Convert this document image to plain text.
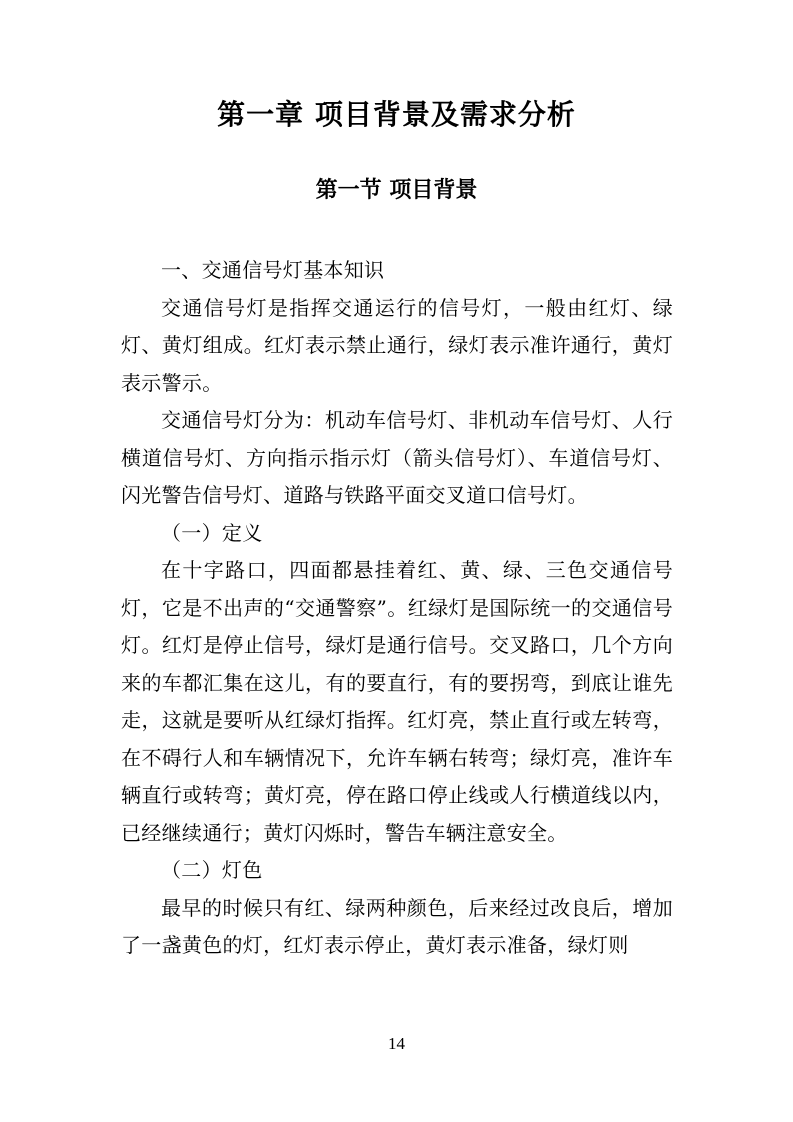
第一章 项目背景及需求分析
第一节 项目背景

一、交通信号灯基本知识

交通信号灯是指挥交通运行的信号灯，一般由红灯、绿灯、黄灯组成。红灯表示禁止通行，绿灯表示准许通行，黄灯表示警示。

交通信号灯分为：机动车信号灯、非机动车信号灯、人行横道信号灯、方向指示指示灯（箭头信号灯）、车道信号灯、闪光警告信号灯、道路与铁路平面交叉道口信号灯。

（一）定义

在十字路口，四面都悬挂着红、黄、绿、三色交通信号灯，它是不出声的“交通警察”。红绿灯是国际统一的交通信号灯。红灯是停止信号，绿灯是通行信号。交叉路口，几个方向来的车都汇集在这儿，有的要直行，有的要拐弯，到底让谁先走，这就是要听从红绿灯指挥。红灯亮，禁止直行或左转弯，在不碍行人和车辆情况下，允许车辆右转弯；绿灯亮，准许车辆直行或转弯；黄灯亮，停在路口停止线或人行横道线以内，已经继续通行；黄灯闪烁时，警告车辆注意安全。

（二）灯色

最早的时候只有红、绿两种颜色，后来经过改良后，增加了一盏黄色的灯，红灯表示停止，黄灯表示准备，绿灯则

14
